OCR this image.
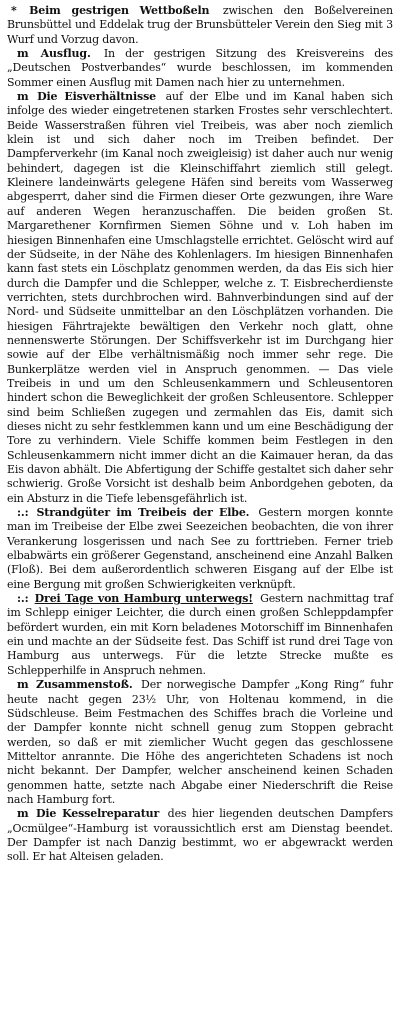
* Beim gestrigen Wettboßeln zwischen den Boßelvereinen Brunsbüttel und Eddelak trug der Brunsbütteler Verein den Sieg mit 3 Wurf und Vorzug davon.

m Ausflug. In der gestrigen Sitzung des Kreisvereins des „Deutschen Postverbandes“ wurde beschlossen, im kommenden Sommer einen Ausflug mit Damen nach hier zu unternehmen.

m Die Eisverhältnisse auf der Elbe und im Kanal haben sich infolge des wieder eingetretenen starken Frostes sehr verschlechtert. Beide Wasserstraßen führen viel Treibeis, was aber noch ziemlich klein ist und sich daher noch im Treiben befindet. Der Dampferverkehr (im Kanal noch zweigleisig) ist daher auch nur wenig behindert, dagegen ist die Kleinschiffahrt ziemlich still gelegt. Kleinere landeinwärts gelegene Häfen sind bereits vom Wasserweg abgesperrt, daher sind die Firmen dieser Orte gezwungen, ihre Ware auf anderen Wegen heranzuschaffen. Die beiden großen St. Margarethener Kornfirmen Siemen Söhne und v. Loh haben im hiesigen Binnenhafen eine Umschlagstelle errichtet. Gelöscht wird auf der Südseite, in der Nähe des Kohlenlagers. Im hiesigen Binnenhafen kann fast stets ein Löschplatz genommen werden, da das Eis sich hier durch die Dampfer und die Schlepper, welche z. T. Eisbrecherdienste verrichten, stets durchbrochen wird. Bahnverbindungen sind auf der Nord- und Südseite unmittelbar an den Löschplätzen vorhanden. Die hiesigen Fährtrajekte bewältigen den Verkehr noch glatt, ohne nennenswerte Störungen. Der Schiffsverkehr ist im Durchgang hier sowie auf der Elbe verhältnismäßig noch immer sehr rege. Die Bunkerplätze werden viel in Anspruch genommen. — Das viele Treibeis in und um den Schleusenkammern und Schleusentoren hindert schon die Beweglichkeit der großen Schleusentore. Schlepper sind beim Schließen zugegen und zermahlen das Eis, damit sich dieses nicht zu sehr festklemmen kann und um eine Beschädigung der Tore zu verhindern. Viele Schiffe kommen beim Festlegen in den Schleusenkammern nicht immer dicht an die Kaimauer heran, da das Eis davon abhält. Die Abfertigung der Schiffe gestaltet sich daher sehr schwierig. Große Vorsicht ist deshalb beim Anbordgehen geboten, da ein Absturz in die Tiefe lebensgefährlich ist.

:.: Strandgüter im Treibeis der Elbe. Gestern morgen konnte man im Treibeise der Elbe zwei Seezeichen beobachten, die von ihrer Verankerung losgerissen und nach See zu forttrieben. Ferner trieb elbabwärts ein größerer Gegenstand, anscheinend eine Anzahl Balken (Floß). Bei dem außerordentlich schweren Eisgang auf der Elbe ist eine Bergung mit großen Schwierigkeiten verknüpft.

:.: Drei Tage von Hamburg unterwegs! Gestern nachmittag traf im Schlepp einiger Leichter, die durch einen großen Schleppdampfer befördert wurden, ein mit Korn beladenes Motorschiff im Binnenhafen ein und machte an der Südseite fest. Das Schiff ist rund drei Tage von Hamburg aus unterwegs. Für die letzte Strecke mußte es Schlepperhilfe in Anspruch nehmen.

m Zusammenstoß. Der norwegische Dampfer „Kong Ring“ fuhr heute nacht gegen 23½ Uhr, von Holtenau kommend, in die Südschleuse. Beim Festmachen des Schiffes brach die Vorleine und der Dampfer konnte nicht schnell genug zum Stoppen gebracht werden, so daß er mit ziemlicher Wucht gegen das geschlossene Mitteltor anrannte. Die Höhe des angerichteten Schadens ist noch nicht bekannt. Der Dampfer, welcher anscheinend keinen Schaden genommen hatte, setzte nach Abgabe einer Niederschrift die Reise nach Hamburg fort.

m Die Kesselreparatur des hier liegenden deutschen Dampfers „Ocmülgee“-Hamburg ist voraussichtlich erst am Dienstag beendet. Der Dampfer ist nach Danzig bestimmt, wo er abgewrackt werden soll. Er hat Alteisen geladen.
